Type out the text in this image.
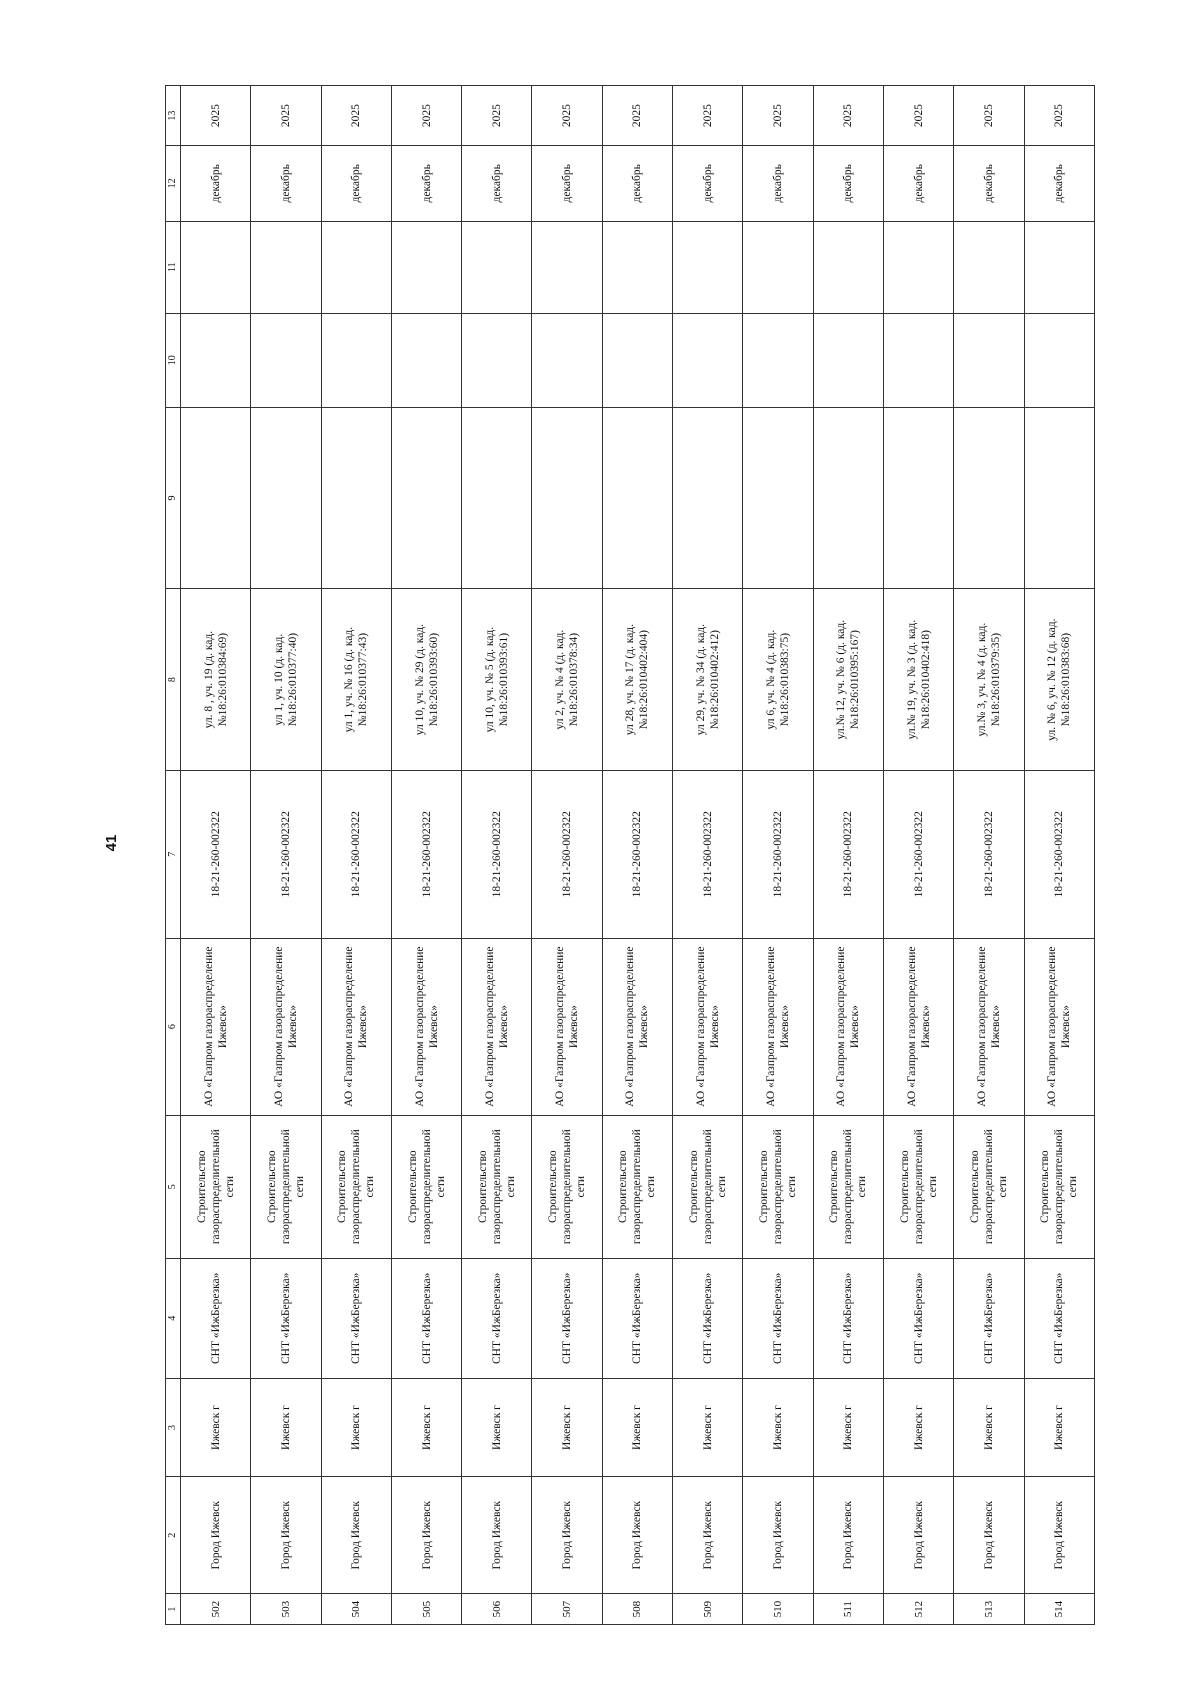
41
1	2	3	4	5	6	7	8	9	10	11	12	13
502	Город Ижевск	Ижевск г	СНТ «ИжБерезка»	Строительство газораспределительной сети	АО «Газпром газораспределение Ижевск»	18-21-260-002322	ул. 8 , уч. 19 (д. кад.№18:26:010384:69)				декабрь	2025
503	Город Ижевск	Ижевск г	СНТ «ИжБерезка»	Строительство газораспределительной сети	АО «Газпром газораспределение Ижевск»	18-21-260-002322	ул 1, уч. 10 (д. кад.№18:26:010377:40)				декабрь	2025
504	Город Ижевск	Ижевск г	СНТ «ИжБерезка»	Строительство газораспределительной сети	АО «Газпром газораспределение Ижевск»	18-21-260-002322	ул 1, уч. № 16 (д. кад.№18:26:010377:43)				декабрь	2025
505	Город Ижевск	Ижевск г	СНТ «ИжБерезка»	Строительство газораспределительной сети	АО «Газпром газораспределение Ижевск»	18-21-260-002322	ул 10, уч. № 29 (д. кад.№18:26:010393:60)				декабрь	2025
506	Город Ижевск	Ижевск г	СНТ «ИжБерезка»	Строительство газораспределительной сети	АО «Газпром газораспределение Ижевск»	18-21-260-002322	ул 10, уч. № 5 (д. кад.№18:26:010393:61)				декабрь	2025
507	Город Ижевск	Ижевск г	СНТ «ИжБерезка»	Строительство газораспределительной сети	АО «Газпром газораспределение Ижевск»	18-21-260-002322	ул 2, уч. № 4 (д. кад.№18:26:010378:34)				декабрь	2025
508	Город Ижевск	Ижевск г	СНТ «ИжБерезка»	Строительство газораспределительной сети	АО «Газпром газораспределение Ижевск»	18-21-260-002322	ул 28, уч. № 17 (д. кад.№18:26:010402:404)				декабрь	2025
509	Город Ижевск	Ижевск г	СНТ «ИжБерезка»	Строительство газораспределительной сети	АО «Газпром газораспределение Ижевск»	18-21-260-002322	ул 29, уч. № 34 (д. кад.№18:26:010402:412)				декабрь	2025
510	Город Ижевск	Ижевск г	СНТ «ИжБерезка»	Строительство газораспределительной сети	АО «Газпром газораспределение Ижевск»	18-21-260-002322	ул 6, уч. № 4 (д. кад.№18:26:010383:75)				декабрь	2025
511	Город Ижевск	Ижевск г	СНТ «ИжБерезка»	Строительство газораспределительной сети	АО «Газпром газораспределение Ижевск»	18-21-260-002322	ул.№ 12, уч. № 6 (д. кад.№18:26:010395:167)				декабрь	2025
512	Город Ижевск	Ижевск г	СНТ «ИжБерезка»	Строительство газораспределительной сети	АО «Газпром газораспределение Ижевск»	18-21-260-002322	ул.№ 19, уч. № 3 (д. кад.№18:26:010402:418)				декабрь	2025
513	Город Ижевск	Ижевск г	СНТ «ИжБерезка»	Строительство газораспределительной сети	АО «Газпром газораспределение Ижевск»	18-21-260-002322	ул.№ 3, уч. № 4 (д. кад.№18:26:010379:35)				декабрь	2025
514	Город Ижевск	Ижевск г	СНТ «ИжБерезка»	Строительство газораспределительной сети	АО «Газпром газораспределение Ижевск»	18-21-260-002322	ул. № 6, уч. № 12 (д. кад.№18:26:010383:68)				декабрь	2025
